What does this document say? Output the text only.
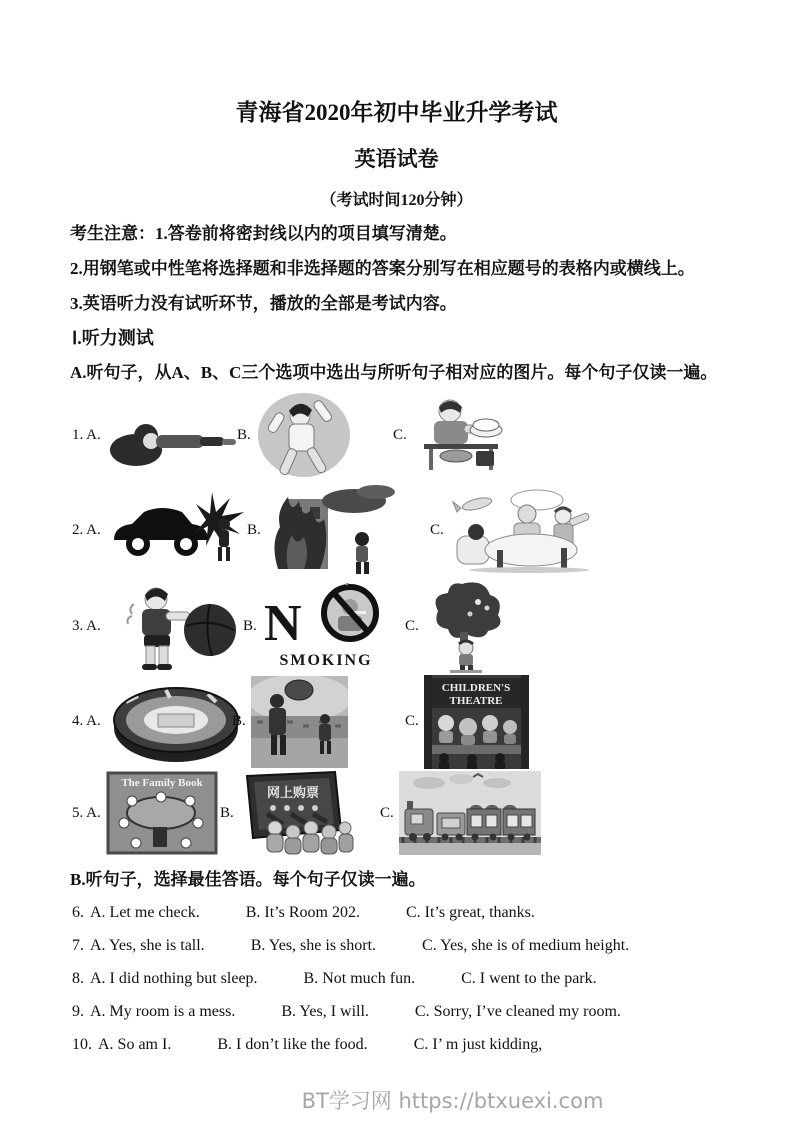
青海省2020年初中毕业升学考试
英语试卷
（考试时间120分钟）

考生注意：1.答卷前将密封线以内的项目填写清楚。

2.用钢笔或中性笔将选择题和非选择题的答案分别写在相应题号的表格内或横线上。

3.英语听力没有试听环节，播放的全部是考试内容。

Ⅰ.听力测试
A.听句子，从A、B、C三个选项中选出与所听句子相对应的图片。每个句子仅读一遍。
1. A.	B.	C.
2. A.	B.	C.
3. A.	B. N
SMOKING
C.
4. A.	B.	C.
CHILDREN'S
THEATRE
5. A.
The Family Book
B.
网上购票
C.
B.听句子，选择最佳答语。每个句子仅读一遍。

6. A. Let me check.	B. It’s Room 202.	C. It’s great, thanks.

7. A. Yes, she is tall.	B. Yes, she is short.	C. Yes, she is of medium height.

8. A. I did nothing but sleep.	B. Not much fun.	C. I went to the park.

9. A. My room is a mess.	B. Yes, I will.	C. Sorry, I’ve cleaned my room.

10. A. So am I.	B. I don’t like the food.	C. I’ m just kidding,

BT学习网 https://btxuexi.com
